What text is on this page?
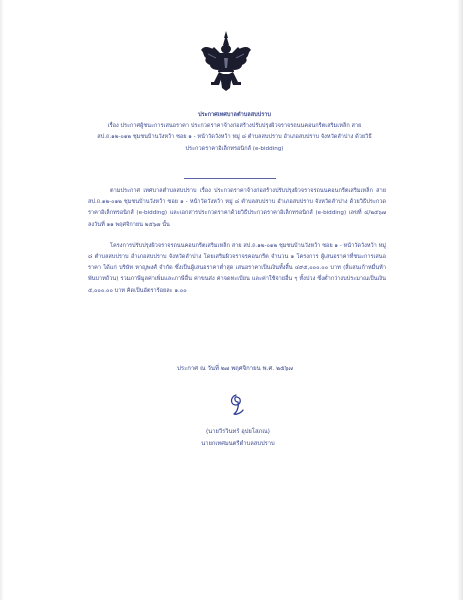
ประกาศเทศบาลตำบลสบปราบ
เรื่อง ประกาศผู้ชนะการเสนอราคา ประกวดราคาจ้างก่อสร้างปรับปรุงผิวจราจรถนนคอนกรีตเสริมเหล็ก สาย สป.ถ.๑๒-๐๑๒ ชุมชนบ้านวังหว้า ซอย ๑ - หน้าวัดวังหว้า หมู่ ๘ ตำบลสบปราบ อำเภอสบปราบ จังหวัดลำปาง ด้วยวิธีประกวดราคาอิเล็กทรอนิกส์ (e-bidding)

ตามประกาศ เทศบาลตำบลสบปราบ เรื่อง ประกวดราคาจ้างก่อสร้างปรับปรุงผิวจราจรถนนคอนกรีตเสริมเหล็ก สาย สป.ถ.๑๒-๐๑๒ ชุมชนบ้านวังหว้า ซอย ๑ - หน้าวัดวังหว้า หมู่ ๘ ตำบลสบปราบ อำเภอสบปราบ จังหวัดลำปาง ด้วยวิธีประกวดราคาอิเล็กทรอนิกส์ (e-bidding) และเอกสารประกวดราคาด้วยวิธีประกวดราคาอิเล็กทรอนิกส์ (e-bidding) เลขที่ ๔/๒๕๖๗ ลงวันที่ ๑๑ พฤศจิกายน ๒๕๖๗ นั้น

โครงการปรับปรุงผิวจราจรถนนคอนกรีตเสริมเหล็ก สาย สป.ถ.๑๒-๐๑๒ ชุมชนบ้านวังหว้า ซอย ๑ - หน้าวัดวังหว้า หมู่ ๘ ตำบลสบปราบ อำเภอสบปราบ จังหวัดลำปาง โดยเสริมผิวจราจรคอนกรีต จำนวน ๑ โครงการ ผู้เสนอราคาที่ชนะการเสนอราคา ได้แก่ บริษัท หาญพงศ์ จำกัด ซึ่งเป็นผู้เสนอราคาต่ำสุด เสนอราคาเป็นเงินทั้งสิ้น ๔๙๕,๐๐๐.๐๐ บาท (สี่แสนเก้าหมื่นห้าพันบาทถ้วน) รวมภาษีมูลค่าเพิ่มและภาษีอื่น ค่าขนส่ง ค่าจดทะเบียน และค่าใช้จ่ายอื่น ๆ ทั้งปวง ซึ่งต่ำกว่างบประมาณเป็นเงิน ๕,๐๐๐.๐๐ บาท คิดเป็นอัตราร้อยละ ๑.๐๐

ประกาศ ณ วันที่ ๒๗ พฤศจิกายน พ.ศ. ๒๕๖๗
(นายวีรวินทร์ อุปยโสภณ)
นายกเทศมนตรีตำบลสบปราบ
